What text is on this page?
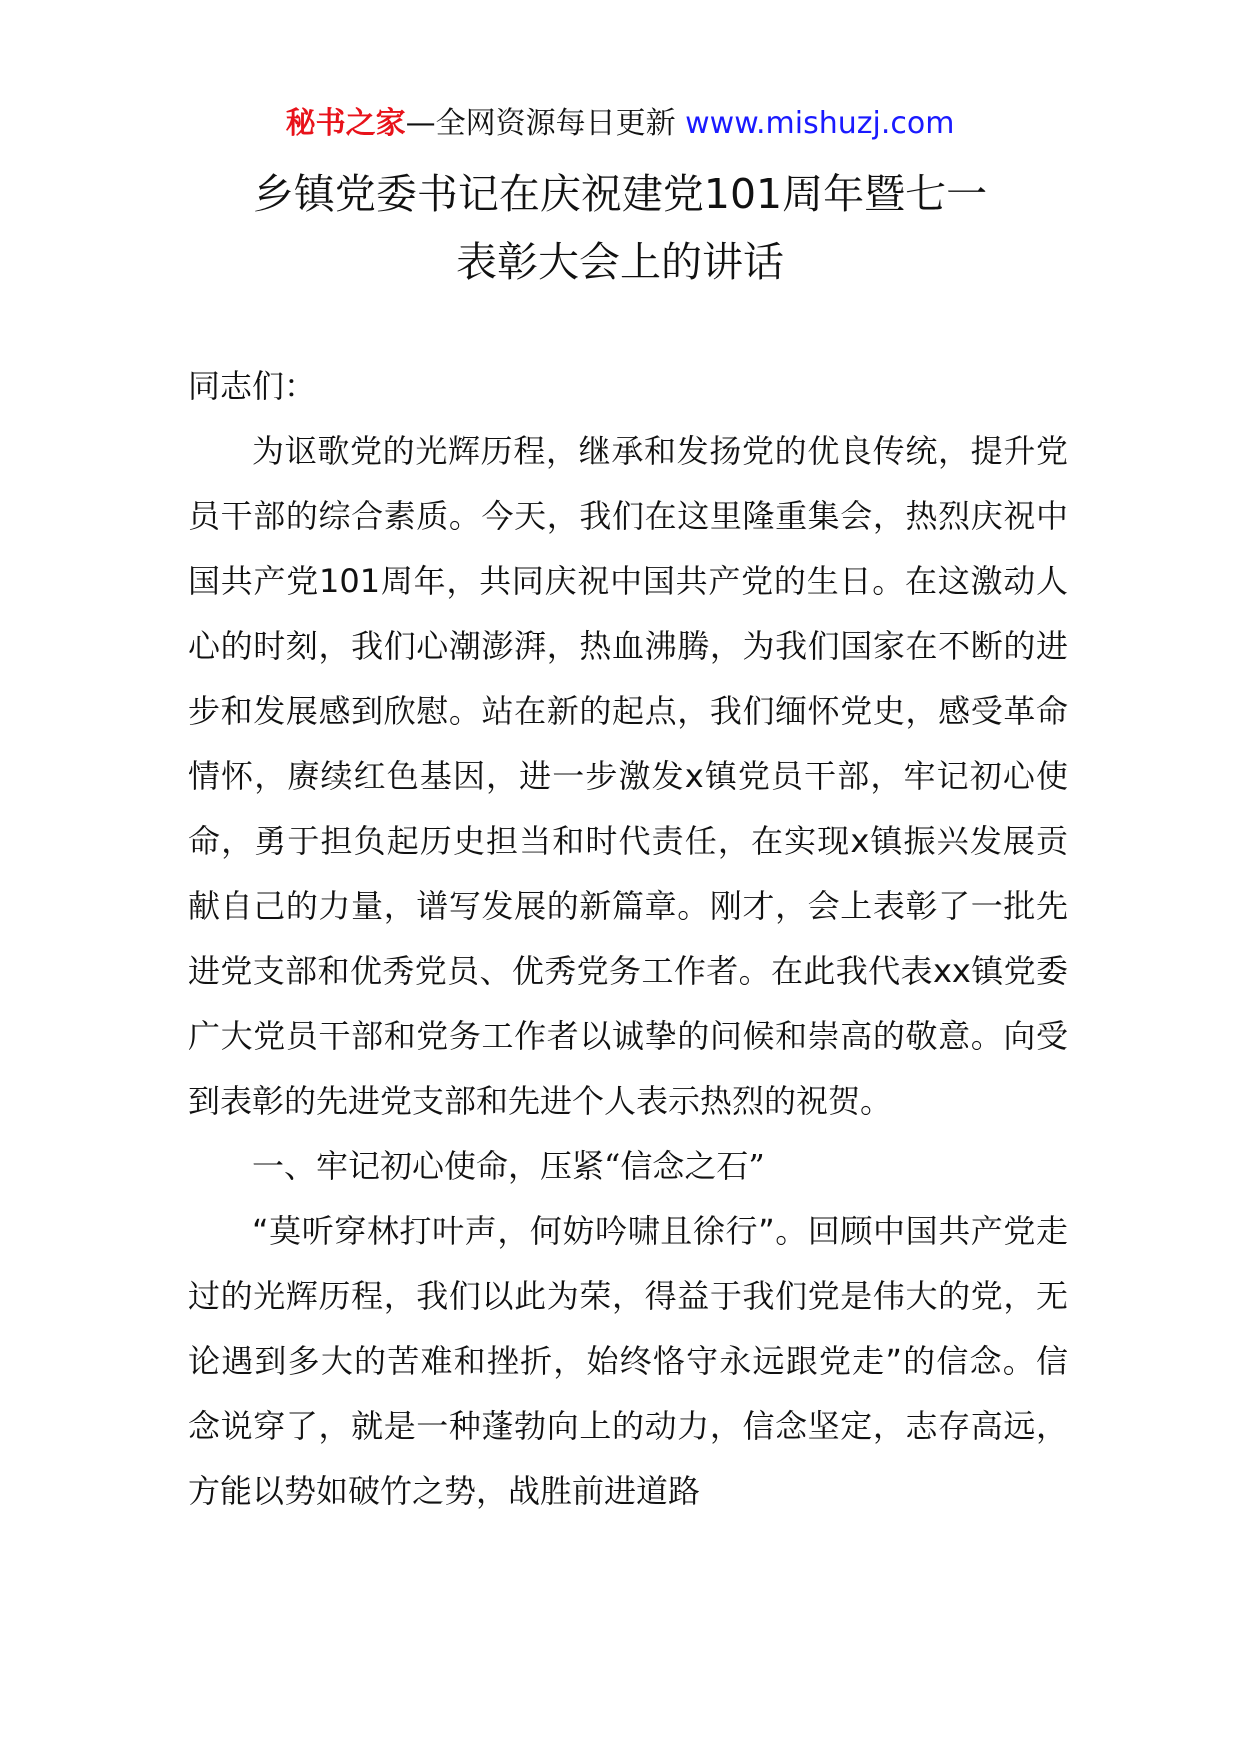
秘书之家—全网资源每日更新 www.mishuzj.com
乡镇党委书记在庆祝建党101周年暨七一
表彰大会上的讲话

同志们：

为讴歌党的光辉历程，继承和发扬党的优良传统，提升党员干部的综合素质。今天，我们在这里隆重集会，热烈庆祝中国共产党101周年，共同庆祝中国共产党的生日。在这激动人心的时刻，我们心潮澎湃，热血沸腾，为我们国家在不断的进步和发展感到欣慰。站在新的起点，我们缅怀党史，感受革命情怀，赓续红色基因，进一步激发x镇党员干部，牢记初心使命，勇于担负起历史担当和时代责任，在实现x镇振兴发展贡献自己的力量，谱写发展的新篇章。刚才，会上表彰了一批先进党支部和优秀党员、优秀党务工作者。在此我代表xx镇党委广大党员干部和党务工作者以诚挚的问候和崇高的敬意。向受到表彰的先进党支部和先进个人表示热烈的祝贺。

一、牢记初心使命，压紧“信念之石”

“莫听穿林打叶声，何妨吟啸且徐行”。回顾中国共产党走过的光辉历程，我们以此为荣，得益于我们党是伟大的党，无论遇到多大的苦难和挫折，始终恪守永远跟党走”的信念。信念说穿了，就是一种蓬勃向上的动力，信念坚定，志存高远，方能以势如破竹之势，战胜前进道路
